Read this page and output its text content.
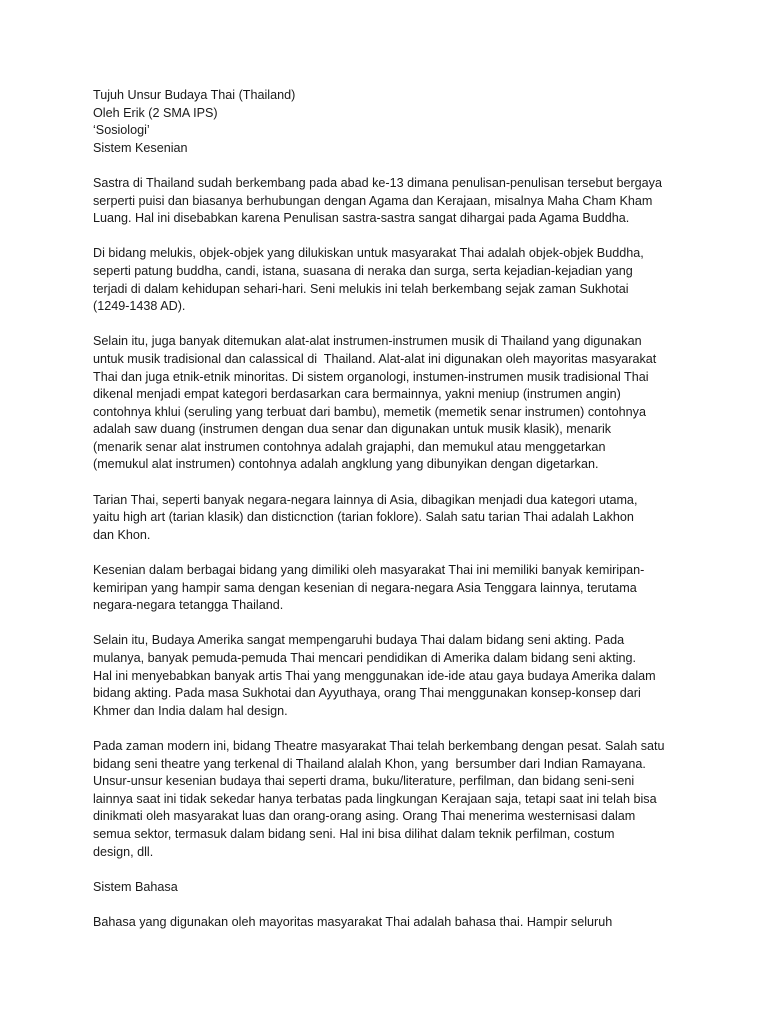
Tujuh Unsur Budaya Thai (Thailand)
Oleh Erik (2 SMA IPS)
‘Sosiologi’
Sistem Kesenian
Sastra di Thailand sudah berkembang pada abad ke-13 dimana penulisan-penulisan tersebut bergaya
serperti puisi dan biasanya berhubungan dengan Agama dan Kerajaan, misalnya Maha Cham Kham
Luang. Hal ini disebabkan karena Penulisan sastra-sastra sangat dihargai pada Agama Buddha.
Di bidang melukis, objek-objek yang dilukiskan untuk masyarakat Thai adalah objek-objek Buddha,
seperti patung buddha, candi, istana, suasana di neraka dan surga, serta kejadian-kejadian yang
terjadi di dalam kehidupan sehari-hari. Seni melukis ini telah berkembang sejak zaman Sukhotai
(1249-1438 AD).
Selain itu, juga banyak ditemukan alat-alat instrumen-instrumen musik di Thailand yang digunakan
untuk musik tradisional dan calassical di  Thailand. Alat-alat ini digunakan oleh mayoritas masyarakat
Thai dan juga etnik-etnik minoritas. Di sistem organologi, instumen-instrumen musik tradisional Thai
dikenal menjadi empat kategori berdasarkan cara bermainnya, yakni meniup (instrumen angin)
contohnya khlui (seruling yang terbuat dari bambu), memetik (memetik senar instrumen) contohnya
adalah saw duang (instrumen dengan dua senar dan digunakan untuk musik klasik), menarik
(menarik senar alat instrumen contohnya adalah grajaphi, dan memukul atau menggetarkan
(memukul alat instrumen) contohnya adalah angklung yang dibunyikan dengan digetarkan.
Tarian Thai, seperti banyak negara-negara lainnya di Asia, dibagikan menjadi dua kategori utama,
yaitu high art (tarian klasik) dan disticnction (tarian foklore). Salah satu tarian Thai adalah Lakhon
dan Khon.
Kesenian dalam berbagai bidang yang dimiliki oleh masyarakat Thai ini memiliki banyak kemiripan-
kemiripan yang hampir sama dengan kesenian di negara-negara Asia Tenggara lainnya, terutama
negara-negara tetangga Thailand.
Selain itu, Budaya Amerika sangat mempengaruhi budaya Thai dalam bidang seni akting. Pada
mulanya, banyak pemuda-pemuda Thai mencari pendidikan di Amerika dalam bidang seni akting.
Hal ini menyebabkan banyak artis Thai yang menggunakan ide-ide atau gaya budaya Amerika dalam
bidang akting. Pada masa Sukhotai dan Ayyuthaya, orang Thai menggunakan konsep-konsep dari
Khmer dan India dalam hal design.
Pada zaman modern ini, bidang Theatre masyarakat Thai telah berkembang dengan pesat. Salah satu
bidang seni theatre yang terkenal di Thailand alalah Khon, yang  bersumber dari Indian Ramayana.
Unsur-unsur kesenian budaya thai seperti drama, buku/literature, perfilman, dan bidang seni-seni
lainnya saat ini tidak sekedar hanya terbatas pada lingkungan Kerajaan saja, tetapi saat ini telah bisa
dinikmati oleh masyarakat luas dan orang-orang asing. Orang Thai menerima westernisasi dalam
semua sektor, termasuk dalam bidang seni. Hal ini bisa dilihat dalam teknik perfilman, costum
design, dll.
Sistem Bahasa
Bahasa yang digunakan oleh mayoritas masyarakat Thai adalah bahasa thai. Hampir seluruh
